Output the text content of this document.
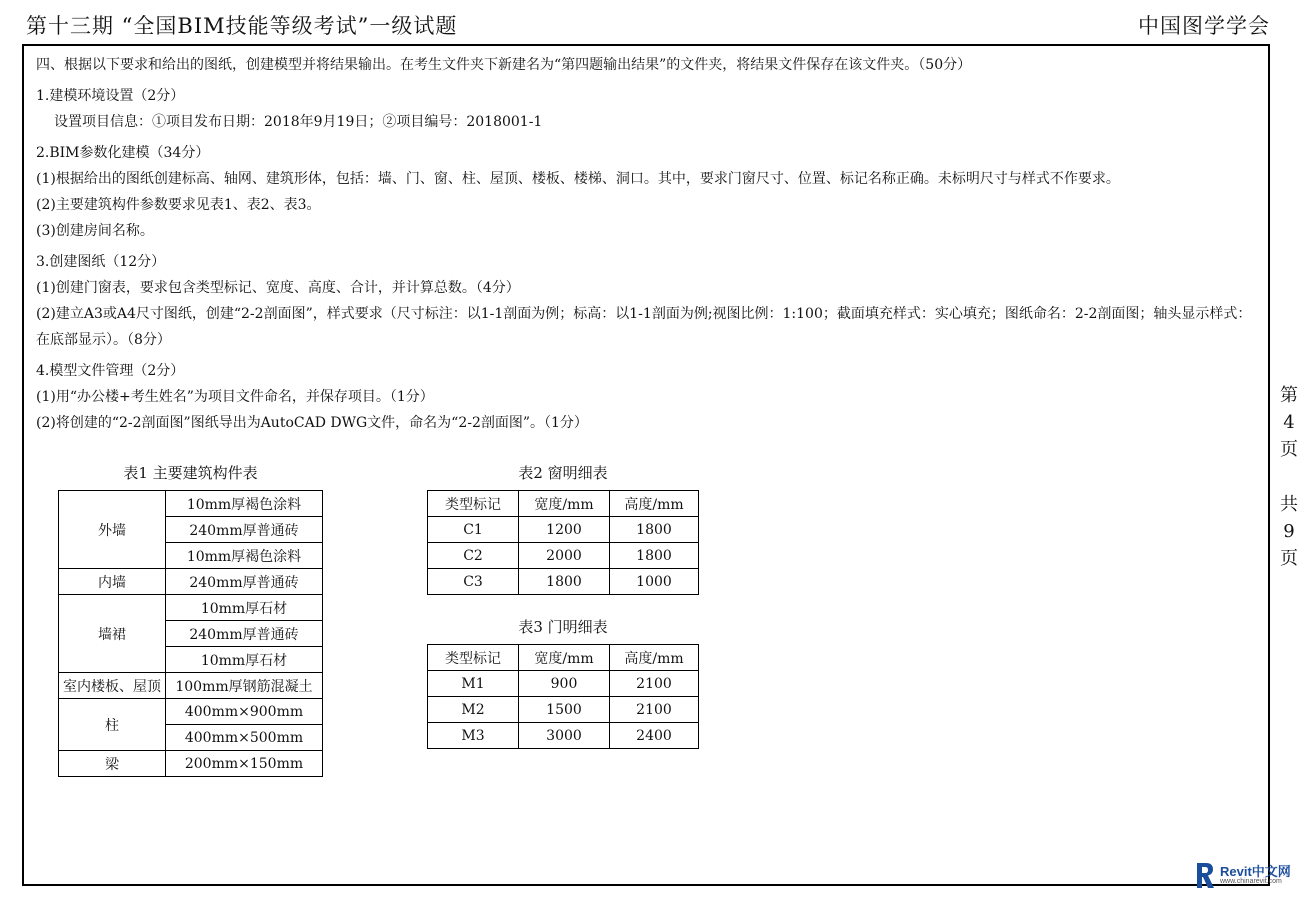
第十三期 “全国BIM技能等级考试”一级试题	中国图学学会
四、根据以下要求和给出的图纸，创建模型并将结果输出。在考生文件夹下新建名为“第四题输出结果”的文件夹，将结果文件保存在该文件夹。（50分）
1.建模环境设置（2分）
设置项目信息：①项目发布日期：2018年9月19日；②项目编号：2018001-1
2.BIM参数化建模（34分）
(1)根据给出的图纸创建标高、轴网、建筑形体，包括：墙、门、窗、柱、屋顶、楼板、楼梯、洞口。其中，要求门窗尺寸、位置、标记名称正确。未标明尺寸与样式不作要求。
(2)主要建筑构件参数要求见表1、表2、表3。
(3)创建房间名称。
3.创建图纸（12分）
(1)创建门窗表，要求包含类型标记、宽度、高度、合计，并计算总数。（4分）
(2)建立A3或A4尺寸图纸，创建“2-2剖面图”，样式要求（尺寸标注：以1-1剖面为例；标高：以1-1剖面为例;视图比例：1:100；截面填充样式：实心填充；图纸命名：2-2剖面图；轴头显示样式：在底部显示）。（8分）
4.模型文件管理（2分）
(1)用“办公楼+考生姓名”为项目文件命名，并保存项目。（1分）
(2)将创建的“2-2剖面图”图纸导出为AutoCAD DWG文件，命名为“2-2剖面图”。（1分）
第
4
页
共
9
页
表1 主要建筑构件表
外墙	10mm厚褐色涂料
	240mm厚普通砖
	10mm厚褐色涂料
内墙	240mm厚普通砖
墙裙	10mm厚石材
	240mm厚普通砖
	10mm厚石材
室内楼板、屋顶	100mm厚钢筋混凝土
柱	400mm×900mm
	400mm×500mm
梁	200mm×150mm
表2 窗明细表
类型标记	宽度/mm	高度/mm
C1	1200	1800
C2	2000	1800
C3	1800	1000
表3 门明细表
类型标记	宽度/mm	高度/mm
M1	900	2100
M2	1500	2100
M3	3000	2400
Revit中文网
www.chinarevit.com
